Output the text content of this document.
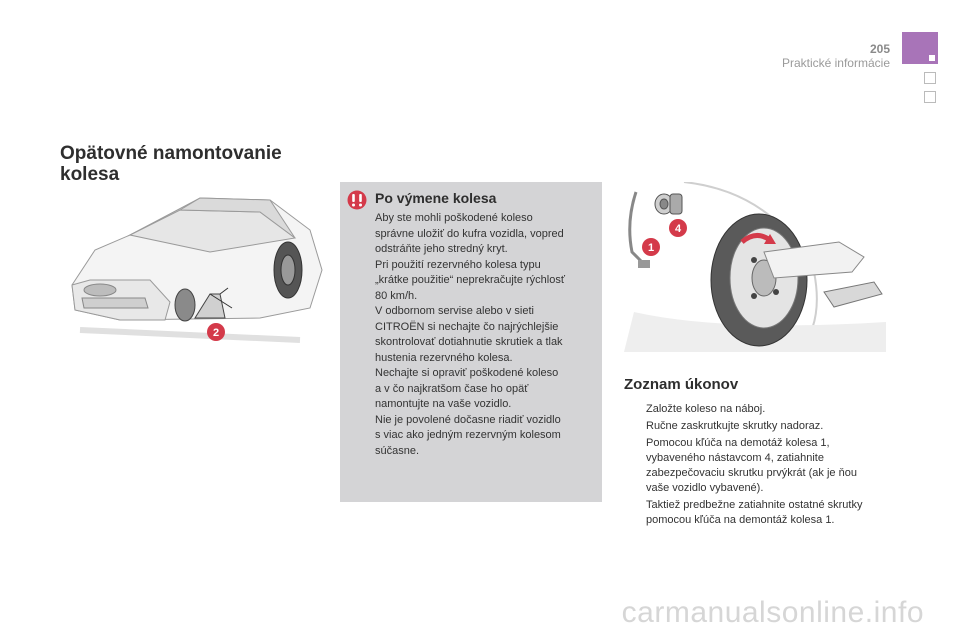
205
Praktické informácie
Opätovné namontovanie kolesa
2
Po výmene kolesa

Aby ste mohli poškodené koleso

správne uložiť do kufra vozidla, vopred

odstráňte jeho stredný kryt.

Pri použití rezervného kolesa typu

„krátke použitie“ neprekračujte rýchlosť

80 km/h.

V odbornom servise alebo v sieti

CITROËN si nechajte čo najrýchlejšie

skontrolovať dotiahnutie skrutiek a tlak

hustenia rezervného kolesa.

Nechajte si opraviť poškodené koleso

a v čo najkratšom čase ho opäť

namontujte na vaše vozidlo.

Nie je povolené dočasne riadiť vozidlo

s viac ako jedným rezervným kolesom

súčasne.

1
4
Zoznam úkonov
Založte koleso na náboj.
Ručne zaskrutkujte skrutky nadoraz.
Pomocou kľúča na demotáž kolesa 1, vybaveného nástavcom 4, zatiahnite zabezpečovaciu skrutku prvýkrát (ak je ňou vaše vozidlo vybavené).
Taktiež predbežne zatiahnite ostatné skrutky pomocou kľúča na demontáž kolesa 1.
carmanualsonline.info
